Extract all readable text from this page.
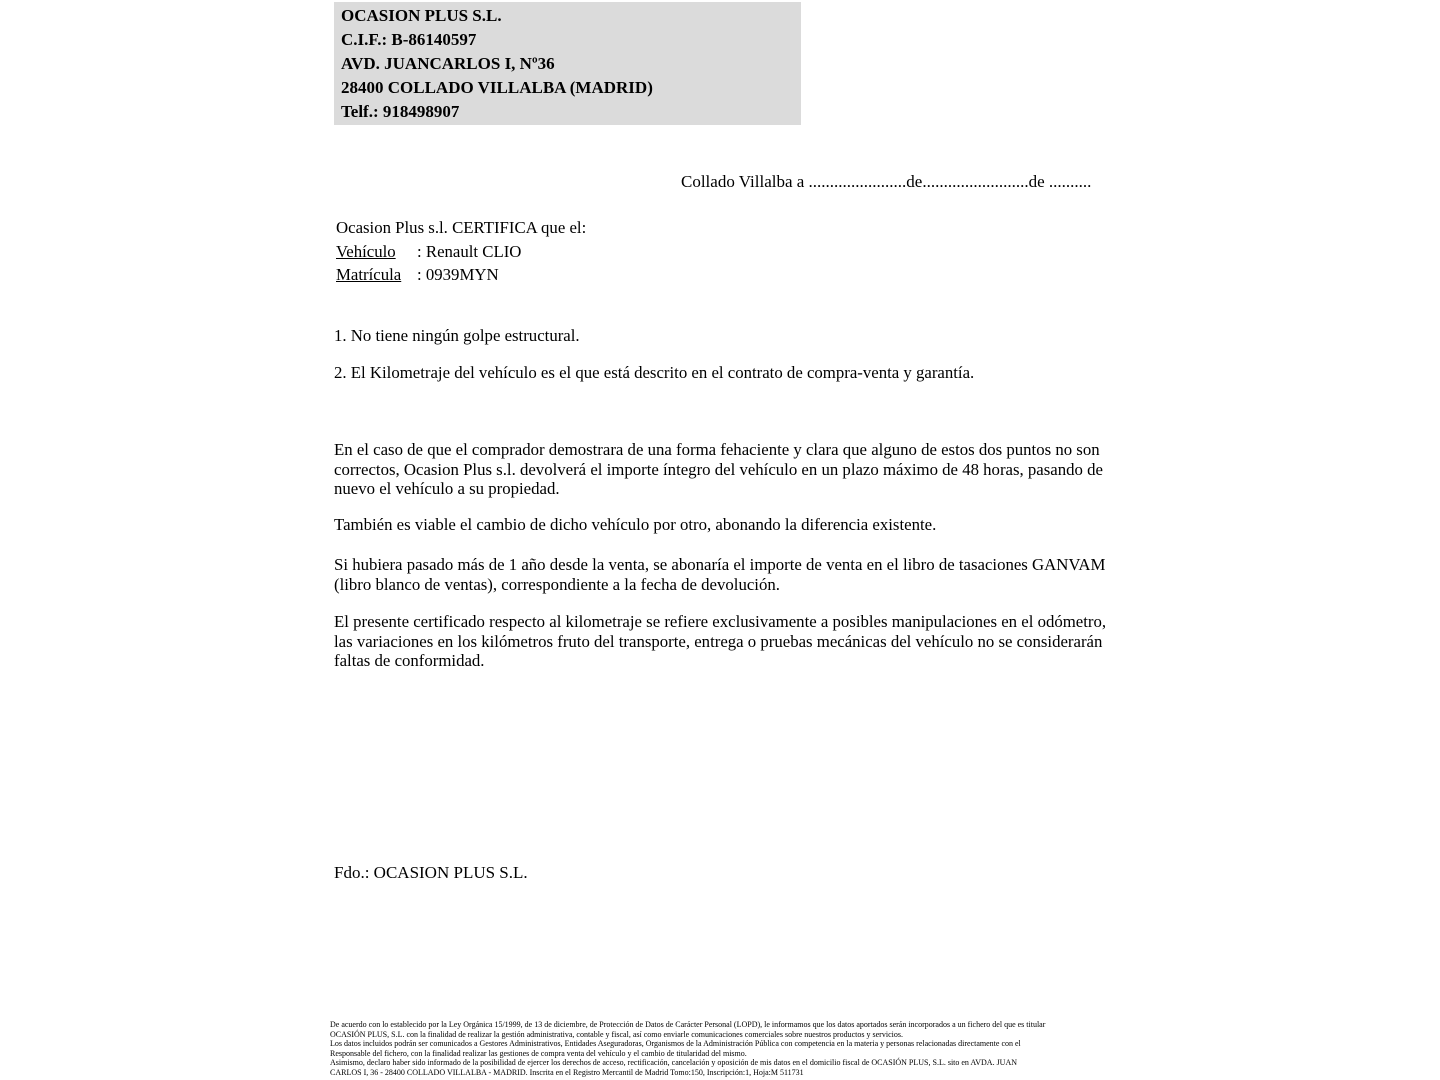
OCASION PLUS S.L.
C.I.F.: B-86140597
AVD. JUANCARLOS I, Nº36
28400 COLLADO VILLALBA (MADRID)
Telf.: 918498907
Collado Villalba a .......................de.........................de ..........
Ocasion Plus s.l. CERTIFICA que el:
Vehículo : Renault CLIO
Matrícula : 0939MYN
1. No tiene ningún golpe estructural.
2. El Kilometraje del vehículo es el que está descrito en el contrato de compra-venta y garantía.
En el caso de que el comprador demostrara de una forma fehaciente y clara que alguno de estos dos puntos no son correctos, Ocasion Plus s.l. devolverá el importe íntegro del vehículo en un plazo máximo de 48 horas, pasando de nuevo el vehículo a su propiedad.
También es viable el cambio de dicho vehículo por otro, abonando la diferencia existente.
Si hubiera pasado más de 1 año desde la venta, se abonaría el importe de venta en el libro de tasaciones GANVAM (libro blanco de ventas), correspondiente a la fecha de devolución.
El presente certificado respecto al kilometraje se refiere exclusivamente a posibles manipulaciones en el odómetro, las variaciones en los kilómetros fruto del transporte, entrega o pruebas mecánicas del vehículo no se considerarán faltas de conformidad.
Fdo.: OCASION PLUS S.L.
De acuerdo con lo establecido por la Ley Orgánica 15/1999, de 13 de diciembre, de Protección de Datos de Carácter Personal (LOPD), le informamos que los datos aportados serán incorporados a un fichero del que es titular
OCASIÓN PLUS, S.L. con la finalidad de realizar la gestión administrativa, contable y fiscal, así como enviarle comunicaciones comerciales sobre nuestros productos y servicios.
Los datos incluidos podrán ser comunicados a Gestores Administrativos, Entidades Aseguradoras, Organismos de la Administración Pública con competencia en la materia y personas relacionadas directamente con el
Responsable del fichero, con la finalidad realizar las gestiones de compra venta del vehículo y el cambio de titularidad del mismo.
Asimismo, declaro haber sido informado de la posibilidad de ejercer los derechos de acceso, rectificación, cancelación y oposición de mis datos en el domicilio fiscal de OCASIÓN PLUS, S.L. sito en AVDA. JUAN
CARLOS I, 36 - 28400 COLLADO VILLALBA - MADRID. Inscrita en el Registro Mercantil de Madrid Tomo:150, Inscripción:1, Hoja:M 511731
